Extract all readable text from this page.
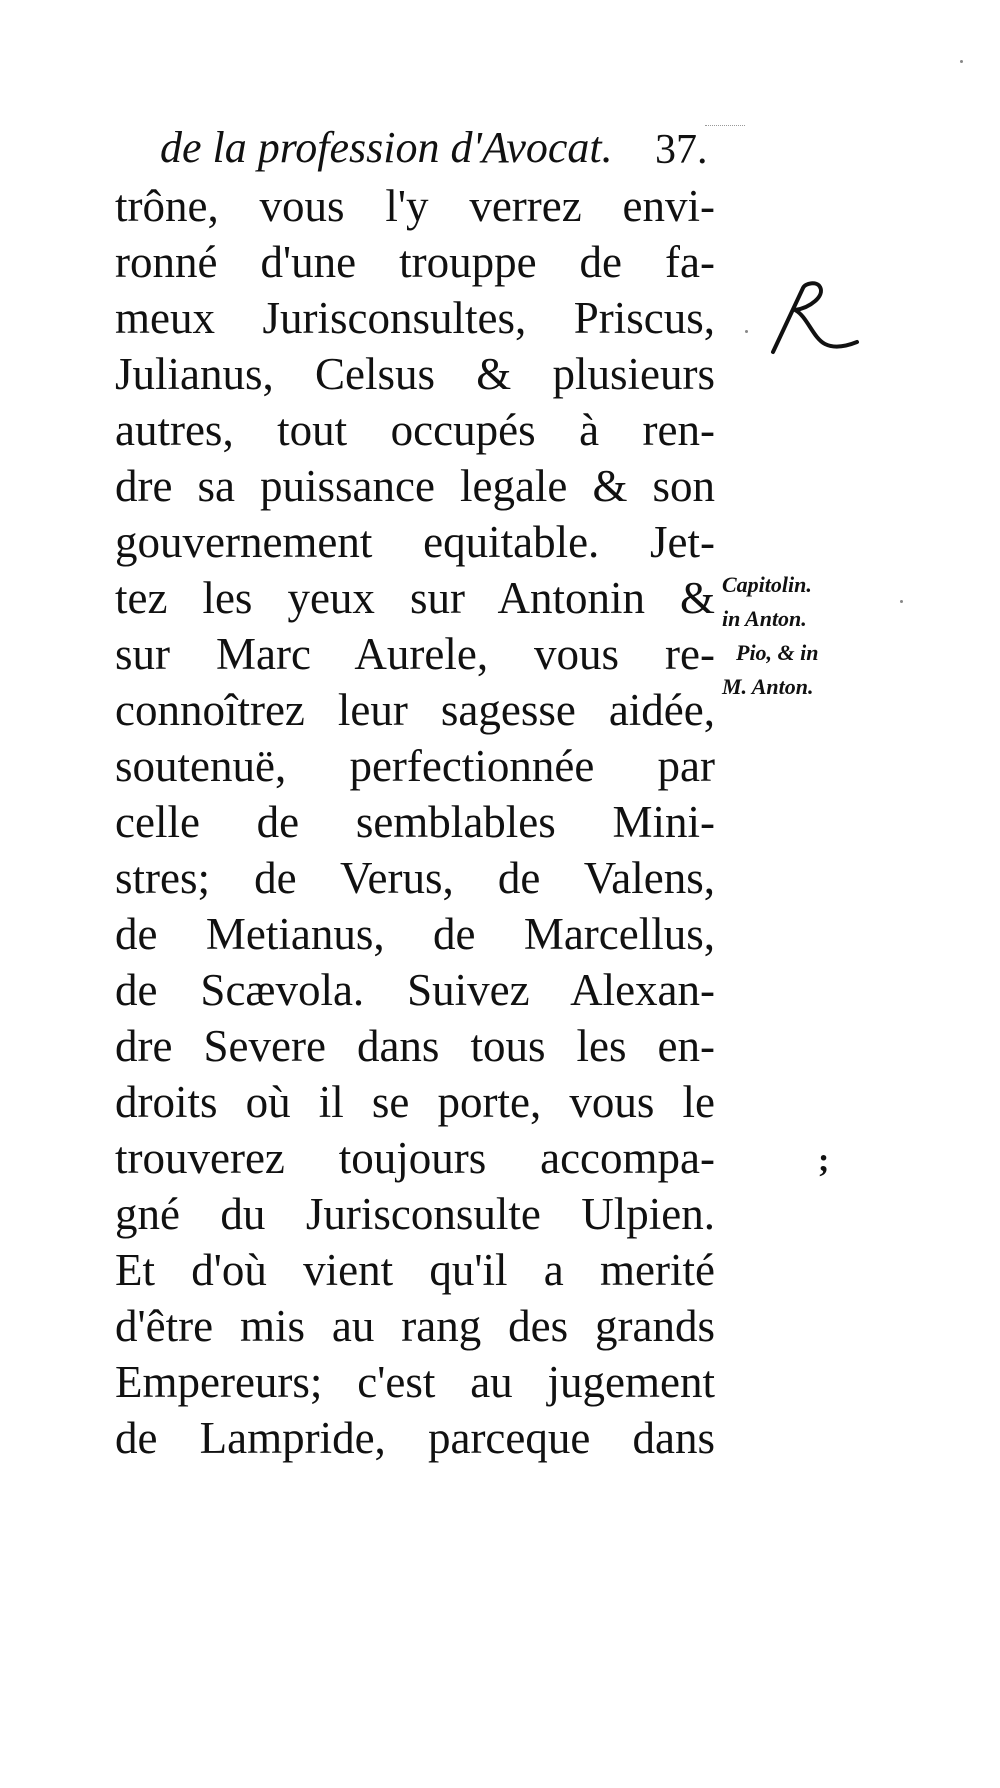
de la profession d'Avocat.	37.
trône, vous l'y verrez envi-
ronné d'une trouppe de fa-
meux Jurisconsultes, Priscus,
Julianus, Celsus & plusieurs
autres, tout occupés à ren-
dre sa puissance legale & son
gouvernement equitable. Jet-
tez les yeux sur Antonin &
sur Marc Aurele, vous re-
connoîtrez leur sagesse aidée,
soutenuë, perfectionnée par
celle de semblables Mini-
stres; de Verus, de Valens,
de Metianus, de Marcellus,
de Scævola. Suivez Alexan-
dre Severe dans tous les en-
droits où il se porte, vous le
trouverez toujours accompa-
gné du Jurisconsulte Ulpien.
Et d'où vient qu'il a merité
d'être mis au rang des grands
Empereurs; c'est au jugement
de Lampride, parceque dans
Capitolin.
in Anton.
Pio, & in
M. Anton.
;
